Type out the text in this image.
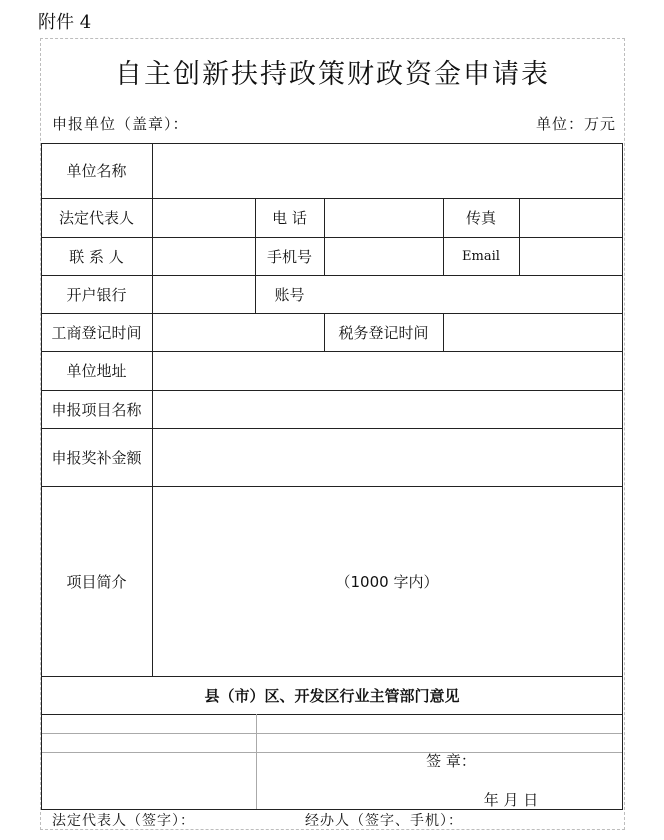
附件 4
自主创新扶持政策财政资金申请表
申报单位（盖章）：	单位：万元
单位名称
法定代表人	电 话	传真
联 系 人	手机号	Email
开户银行	账号
工商登记时间	税务登记时间
单位地址
申报项目名称
申报奖补金额
项目简介	（1000 字内）
县（市）区、开发区行业主管部门意见
签 章：
年 月 日
法定代表人（签字）：	经办人（签字、手机）：
